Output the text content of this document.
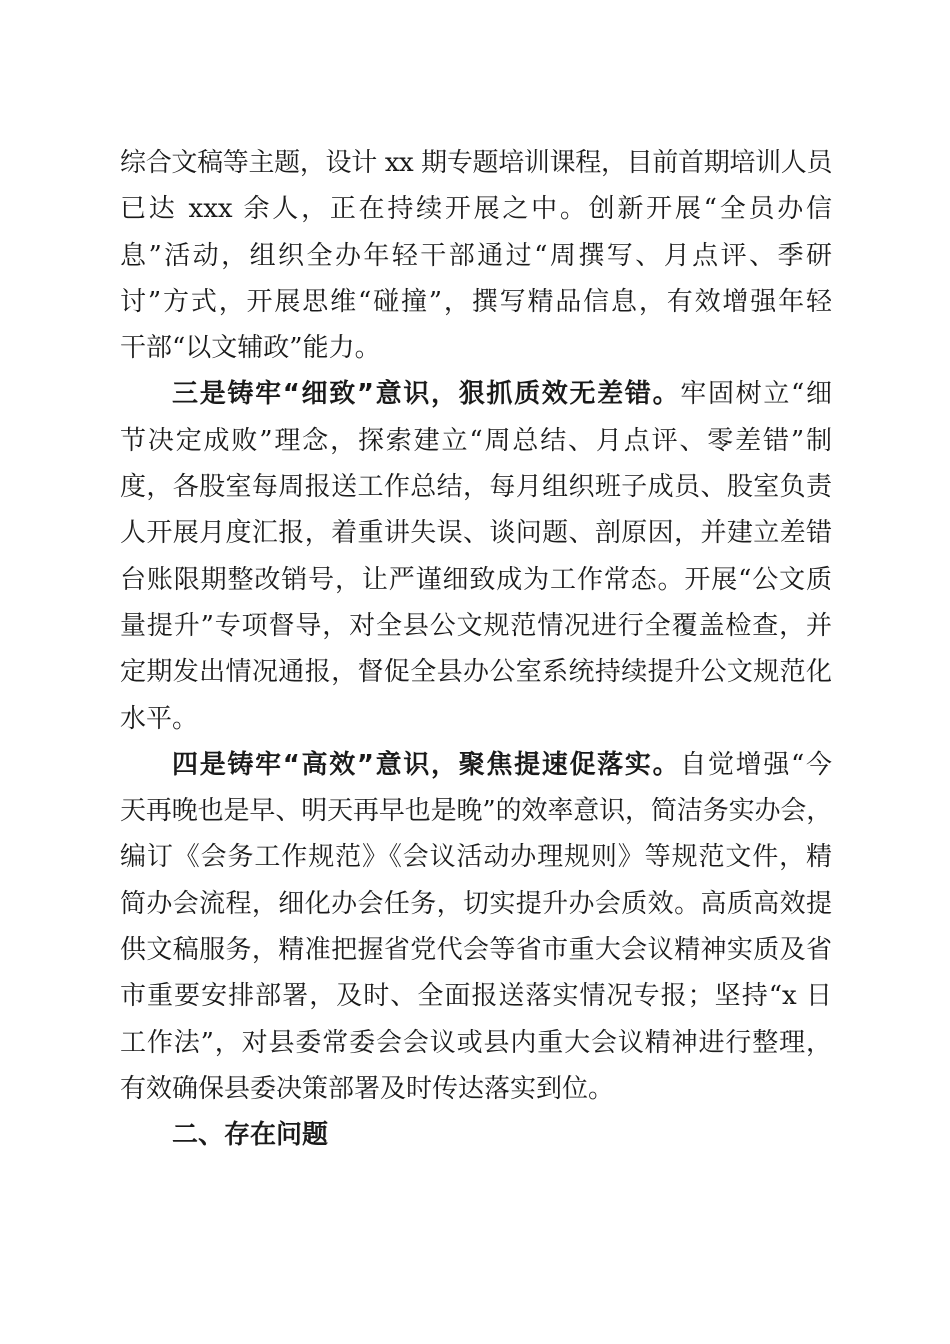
综合文稿等主题，设计 xx 期专题培训课程，目前首期培训人员
已达 xxx 余人，正在持续开展之中。创新开展“全员办信
息”活动，组织全办年轻干部通过“周撰写、月点评、季研
讨”方式，开展思维“碰撞”，撰写精品信息，有效增强年轻
干部“以文辅政”能力。
三是铸牢“细致”意识，狠抓质效无差错。牢固树立“细
节决定成败”理念，探索建立“周总结、月点评、零差错”制
度，各股室每周报送工作总结，每月组织班子成员、股室负责
人开展月度汇报，着重讲失误、谈问题、剖原因，并建立差错
台账限期整改销号，让严谨细致成为工作常态。开展“公文质
量提升”专项督导，对全县公文规范情况进行全覆盖检查，并
定期发出情况通报，督促全县办公室系统持续提升公文规范化
水平。
四是铸牢“高效”意识，聚焦提速促落实。自觉增强“今
天再晚也是早、明天再早也是晚”的效率意识，简洁务实办会，
编订《会务工作规范》《会议活动办理规则》等规范文件，精
简办会流程，细化办会任务，切实提升办会质效。高质高效提
供文稿服务，精准把握省党代会等省市重大会议精神实质及省
市重要安排部署，及时、全面报送落实情况专报；坚持“x 日
工作法”，对县委常委会会议或县内重大会议精神进行整理，
有效确保县委决策部署及时传达落实到位。
二、存在问题
